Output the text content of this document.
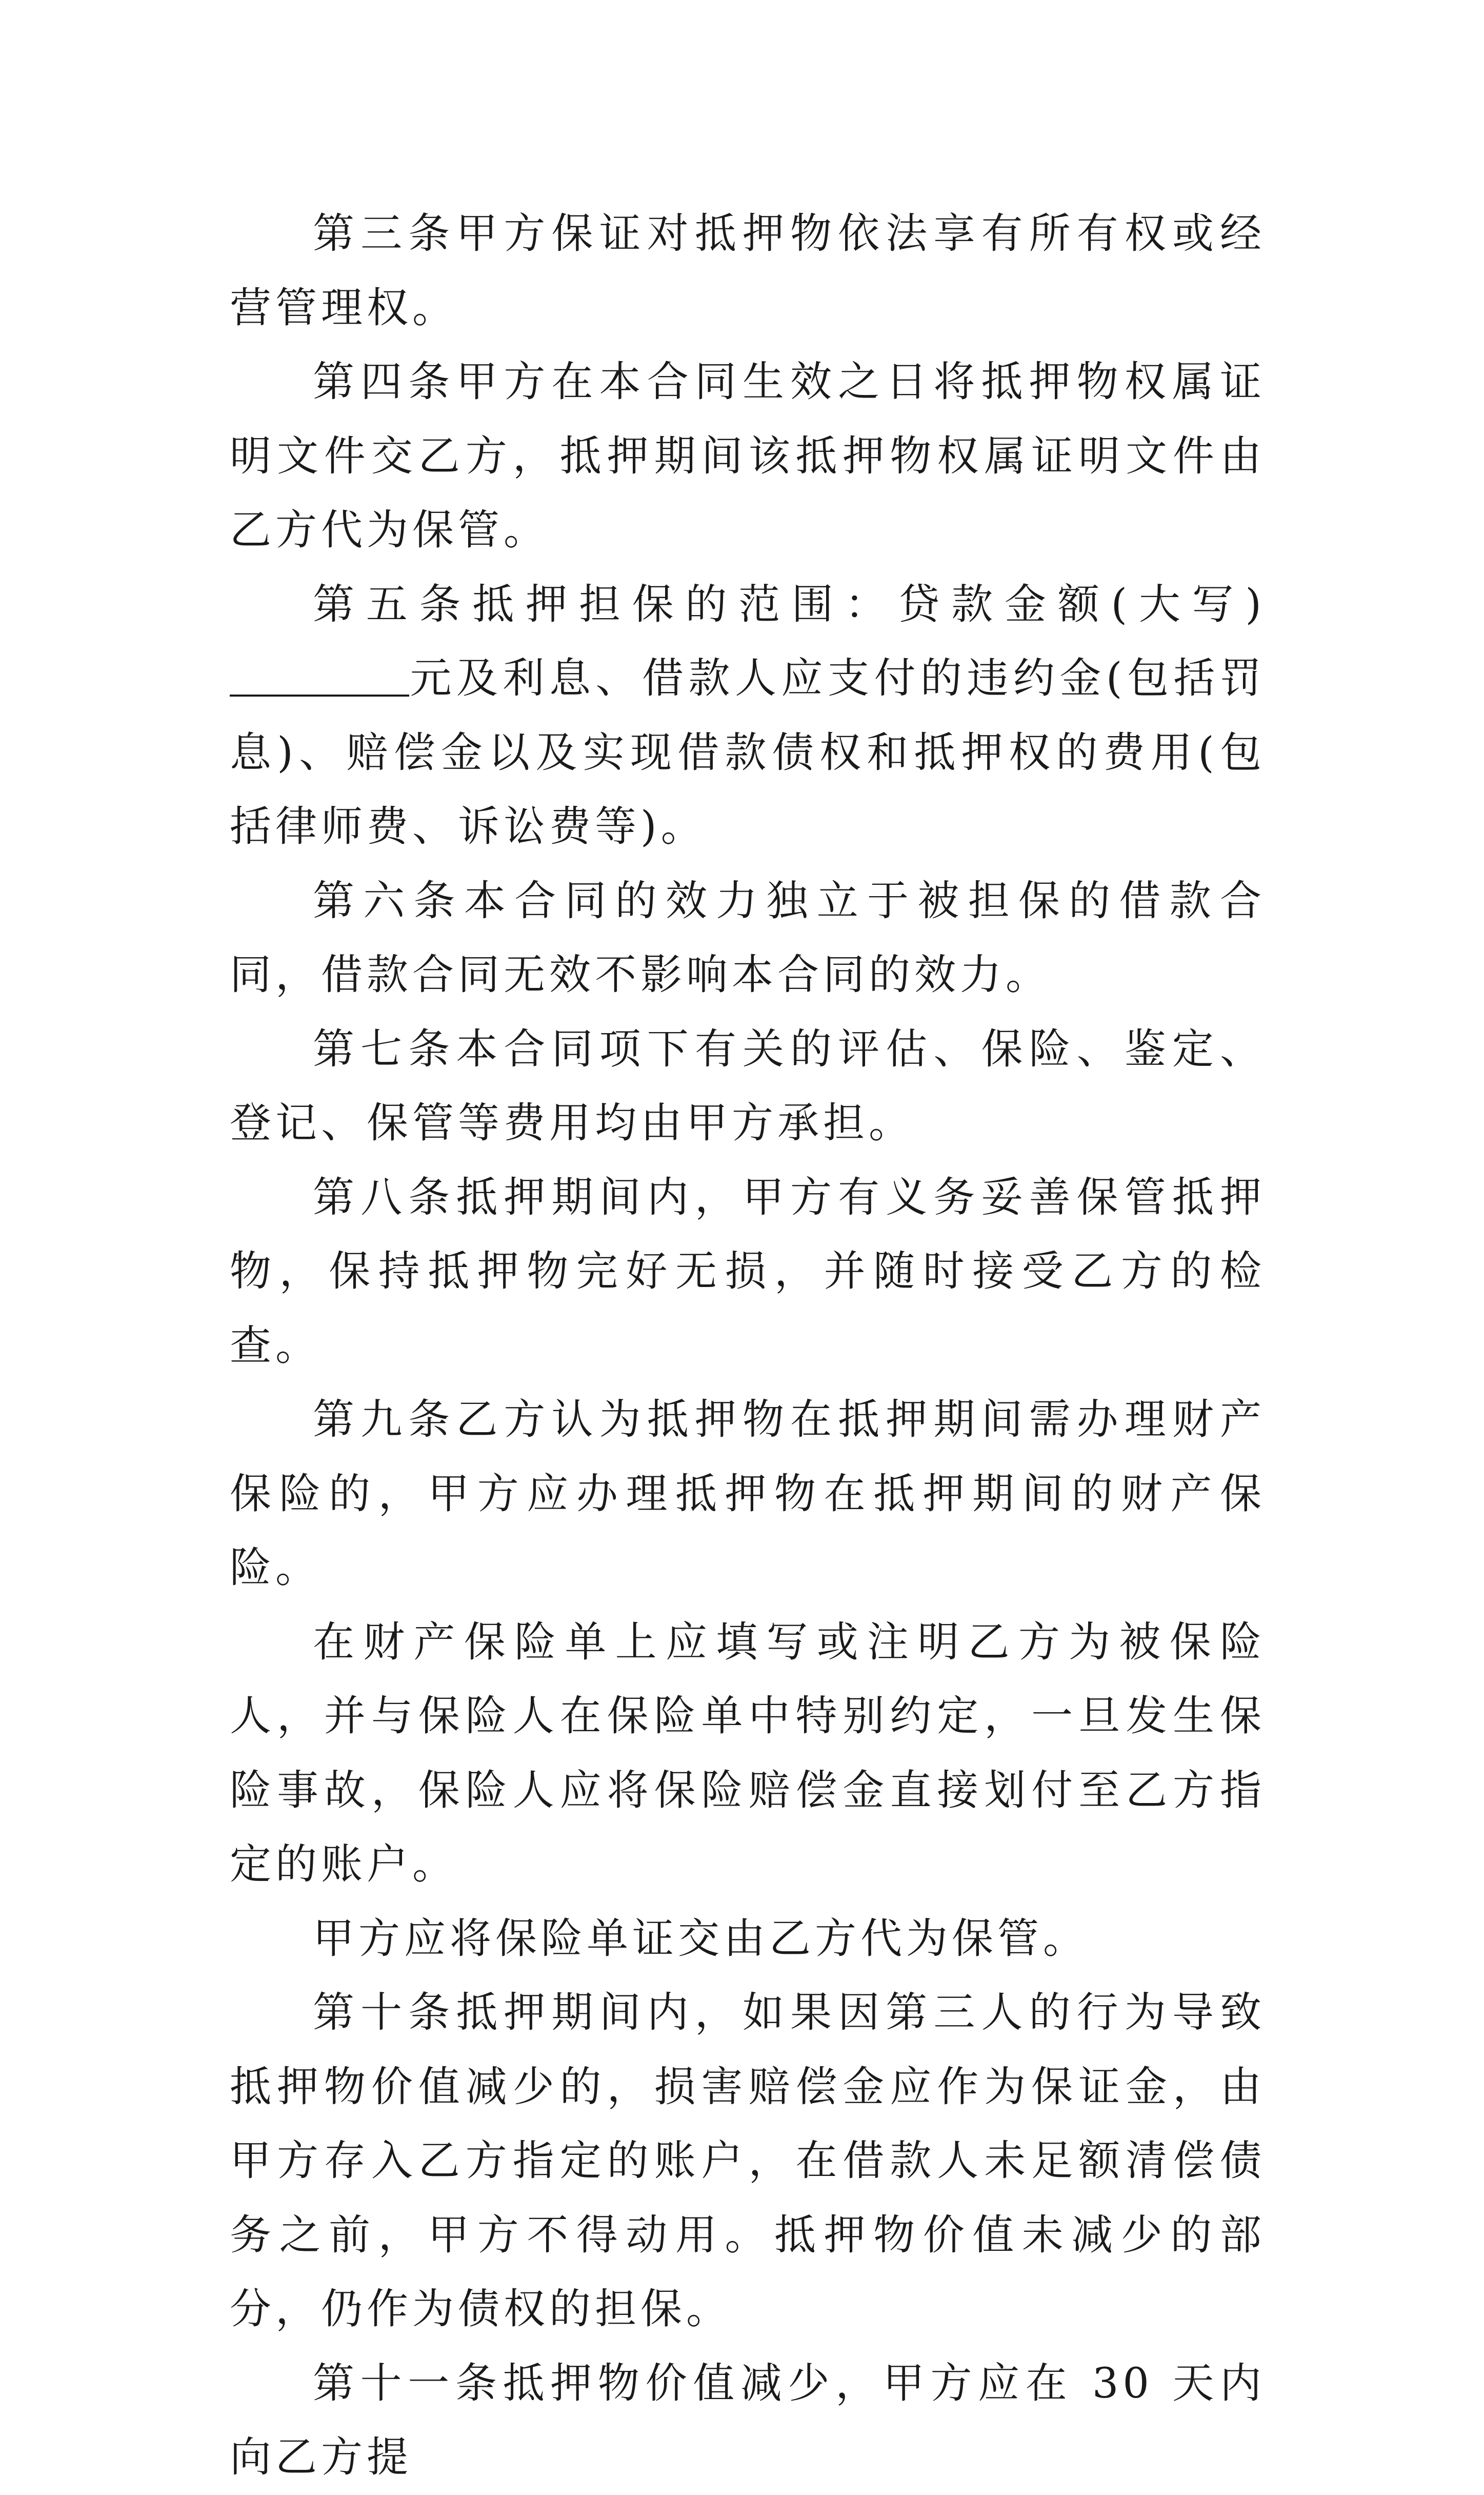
第三条甲方保证对抵押物依法享有所有权或经营管理权。

第四条甲方在本合同生效之日将抵押物权属证明文件交乙方，抵押期间该抵押物权属证明文件由乙方代为保管。

第五条抵押担保的范围：贷款金额(大写)元及利息、借款人应支付的违约金(包括罚息)、赔偿金以及实现借款债权和抵押权的费用(包括律师费、诉讼费等)。

第六条本合同的效力独立于被担保的借款合同，借款合同无效不影响本合同的效力。

第七条本合同项下有关的评估、保险、鉴定、登记、保管等费用均由甲方承担。

第八条抵押期间内，甲方有义务妥善保管抵押物，保持抵押物完好无损，并随时接受乙方的检查。

第九条乙方认为抵押物在抵押期间需办理财产保险的，甲方应办理抵押物在抵押期间的财产保险。

在财产保险单上应填写或注明乙方为被保险人，并与保险人在保险单中特别约定，一旦发生保险事故，保险人应将保险赔偿金直接划付至乙方指定的账户。

甲方应将保险单证交由乙方代为保管。

第十条抵押期间内，如果因第三人的行为导致抵押物价值减少的，损害赔偿金应作为保证金，由甲方存入乙方指定的账户，在借款人未足额清偿债务之前，甲方不得动用。抵押物价值未减少的部分，仍作为债权的担保。

第十一条抵押物价值减少，甲方应在 30 天内向乙方提
